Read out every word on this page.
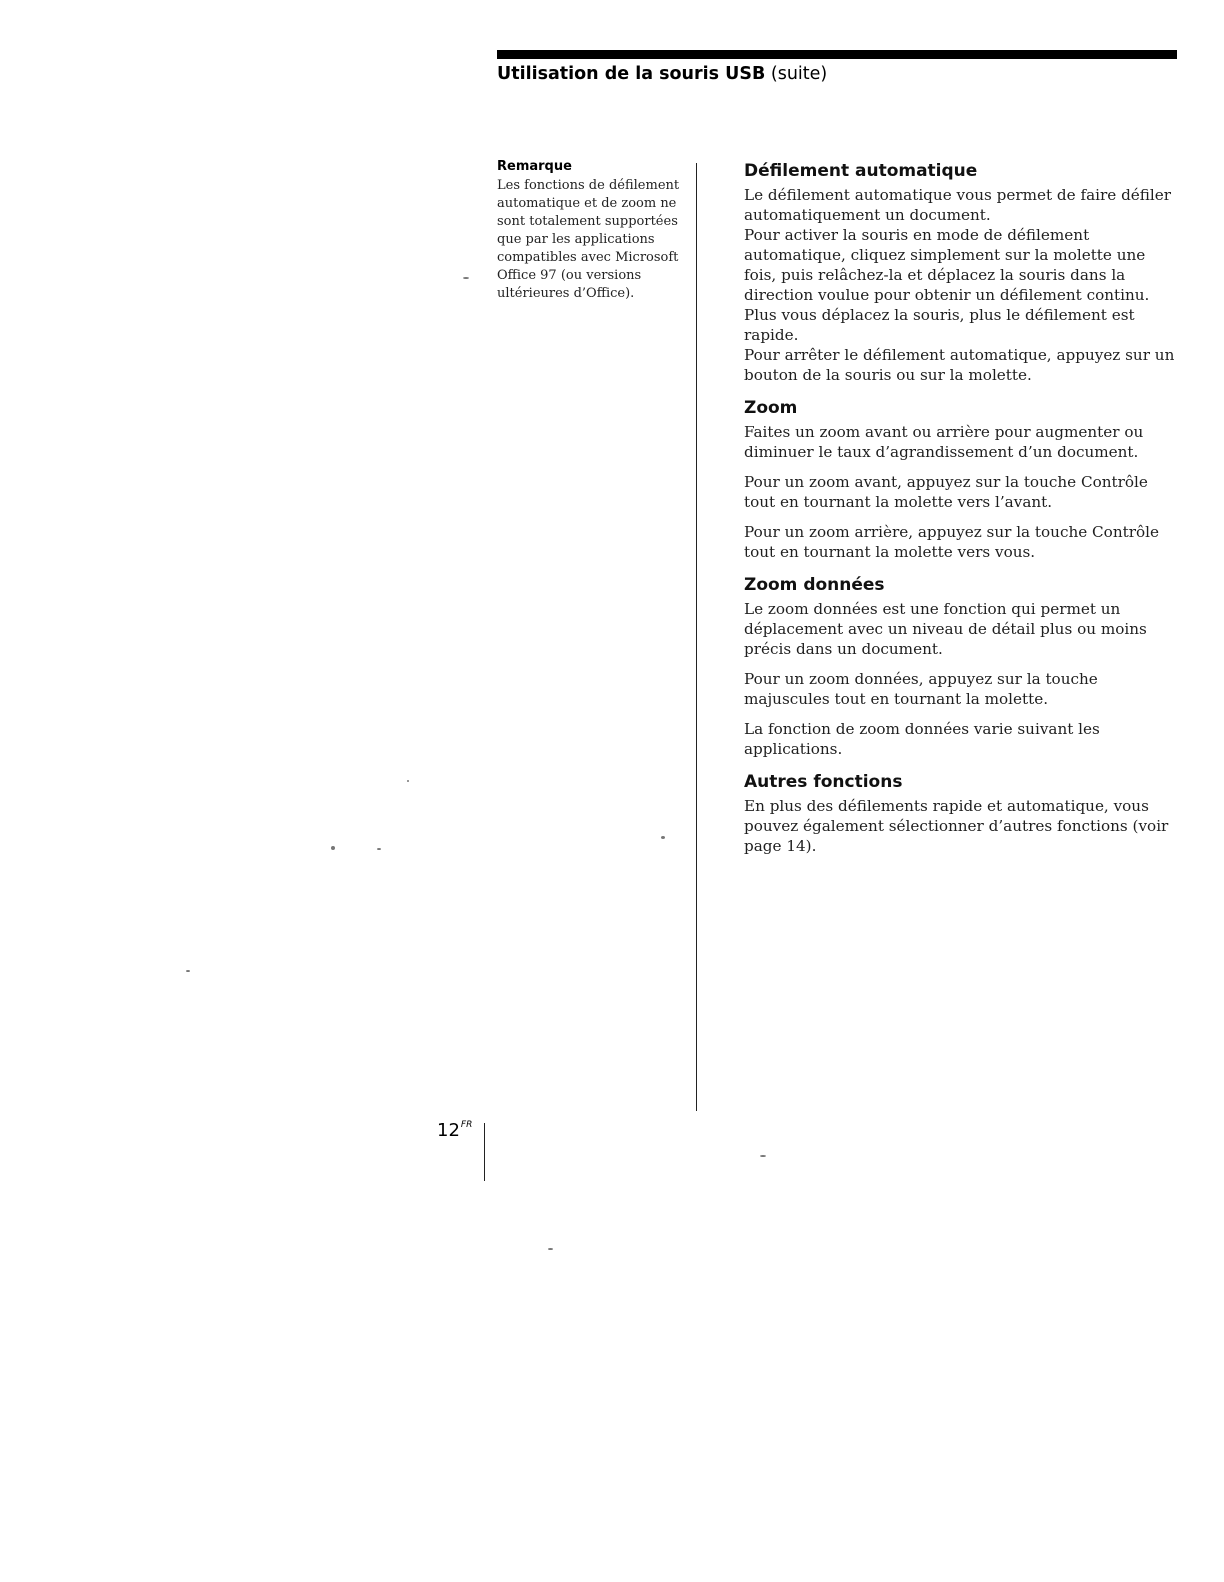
Utilisation de la souris USB (suite)

Remarque

Les fonctions de défilement automatique et de zoom ne sont totalement supportées que par les applications compatibles avec Microsoft Office 97 (ou versions ultérieures d’Office).

Défilement automatique

Le défilement automatique vous permet de faire défiler automatiquement un document.

Pour activer la souris en mode de défilement automatique, cliquez simplement sur la molette une fois, puis relâchez-la et déplacez la souris dans la direction voulue pour obtenir un défilement continu. Plus vous déplacez la souris, plus le défilement est rapide.

Pour arrêter le défilement automatique, appuyez sur un bouton de la souris ou sur la molette.

Zoom

Faites un zoom avant ou arrière pour augmenter ou diminuer le taux d’agrandissement d’un document.

Pour un zoom avant, appuyez sur la touche Contrôle tout en tournant la molette vers l’avant.

Pour un zoom arrière, appuyez sur la touche Contrôle tout en tournant la molette vers vous.

Zoom données

Le zoom données est une fonction qui permet un déplacement avec un niveau de détail plus ou moins précis dans un document.

Pour un zoom données, appuyez sur la touche majuscules tout en tournant la molette.

La fonction de zoom données varie suivant les applications.

Autres fonctions

En plus des défilements rapide et automatique, vous pouvez également sélectionner d’autres fonctions (voir page 14).

$12^{FR}$
